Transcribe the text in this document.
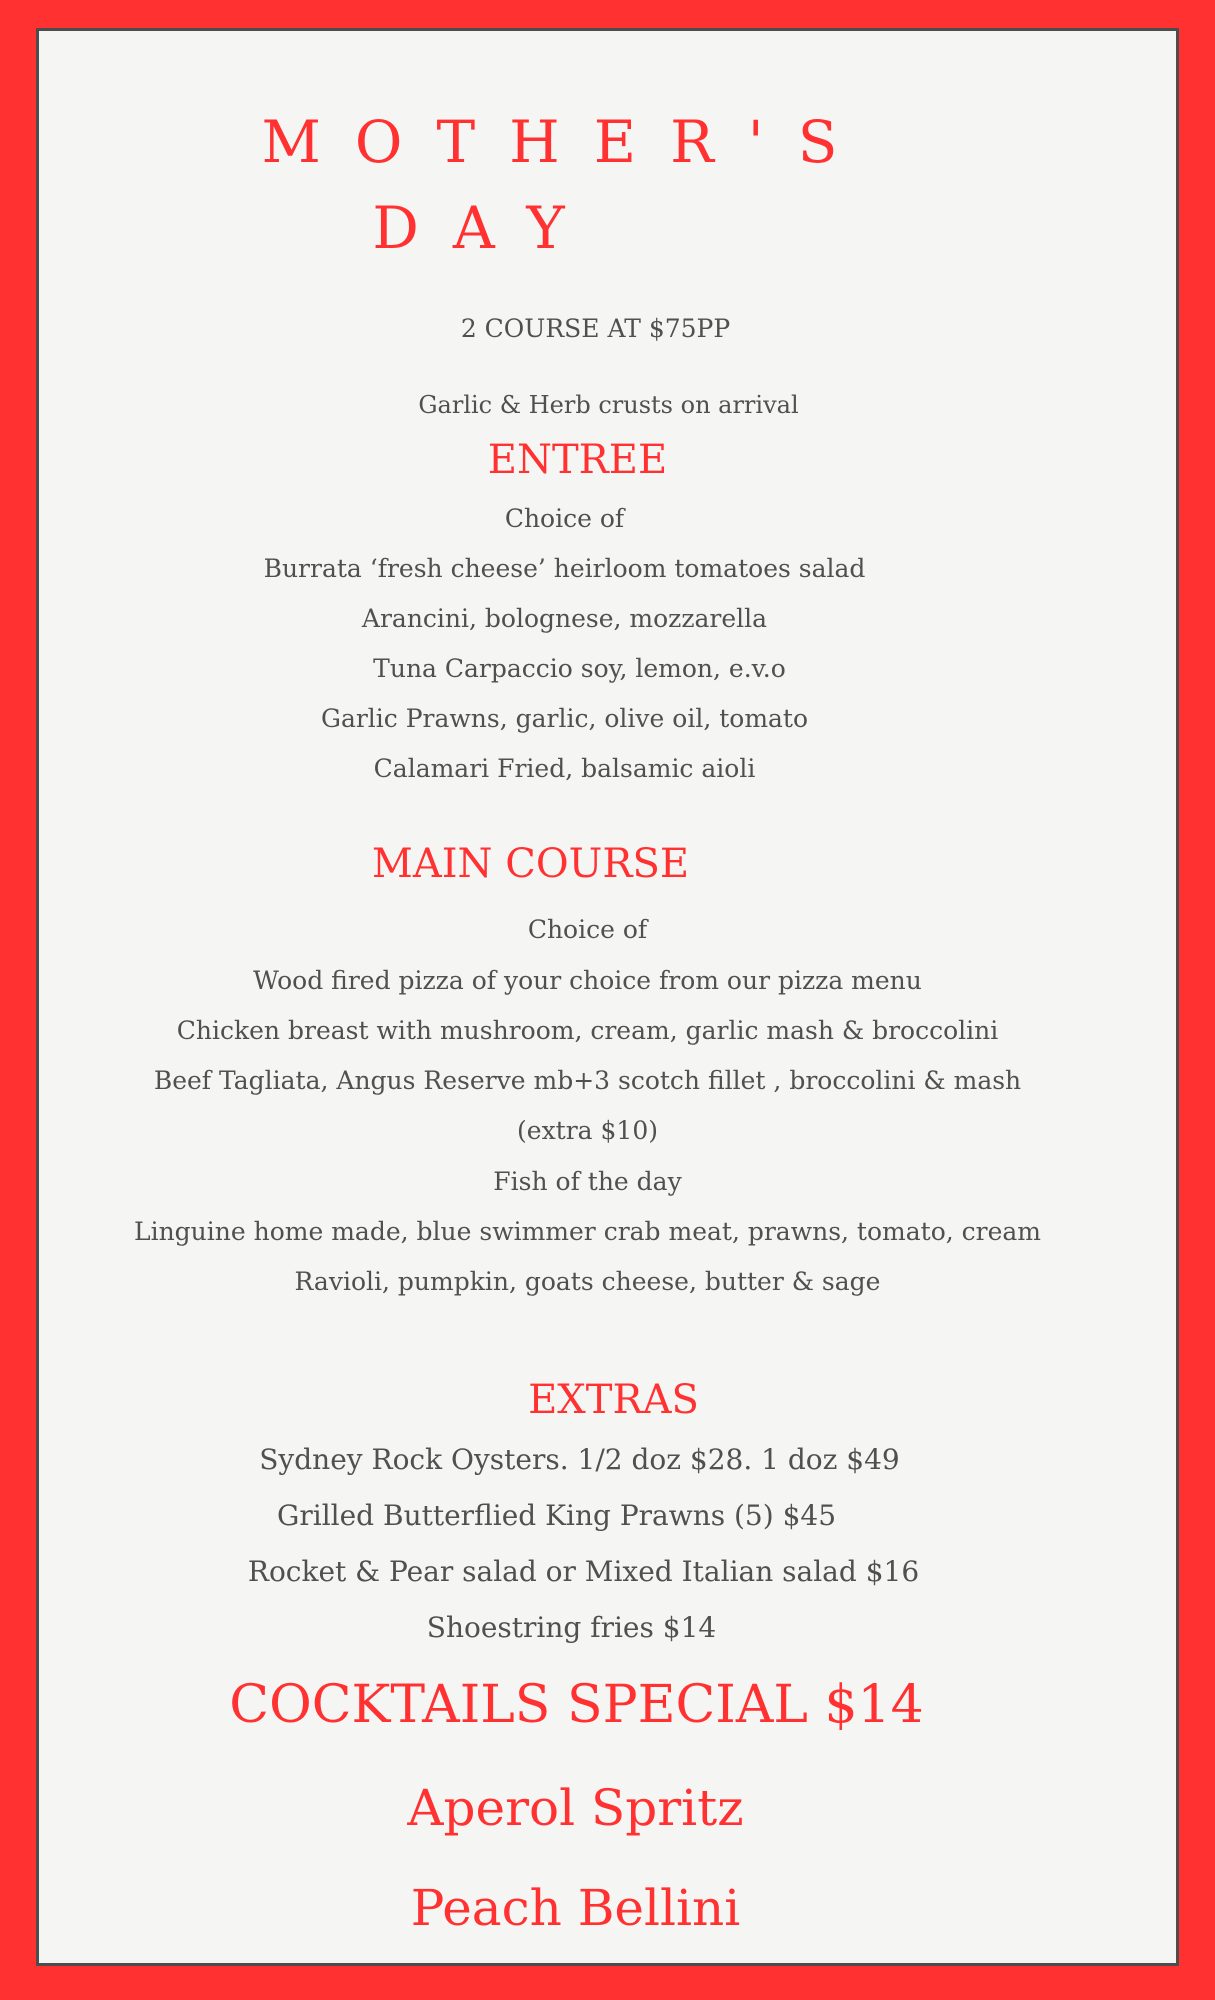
MOTHER'S
DAY
2 COURSE AT $75PP
Garlic & Herb crusts on arrival
ENTREE
Choice of
Burrata ‘fresh cheese’ heirloom tomatoes salad
Arancini, bolognese, mozzarella
Tuna Carpaccio soy, lemon, e.v.o
Garlic Prawns, garlic, olive oil, tomato
Calamari Fried, balsamic aioli
MAIN COURSE
Choice of
Wood fired pizza of your choice from our pizza menu
Chicken breast with mushroom, cream, garlic mash & broccolini
Beef Tagliata, Angus Reserve mb+3 scotch fillet , broccolini & mash
(extra $10)
Fish of the day
Linguine home made, blue swimmer crab meat, prawns, tomato, cream
Ravioli, pumpkin, goats cheese, butter & sage
EXTRAS
Sydney Rock Oysters. 1/2 doz $28. 1 doz $49
Grilled Butterflied King Prawns (5) $45
Rocket & Pear salad or Mixed Italian salad $16
Shoestring fries $14
COCKTAILS SPECIAL $14
Aperol Spritz
Peach Bellini
